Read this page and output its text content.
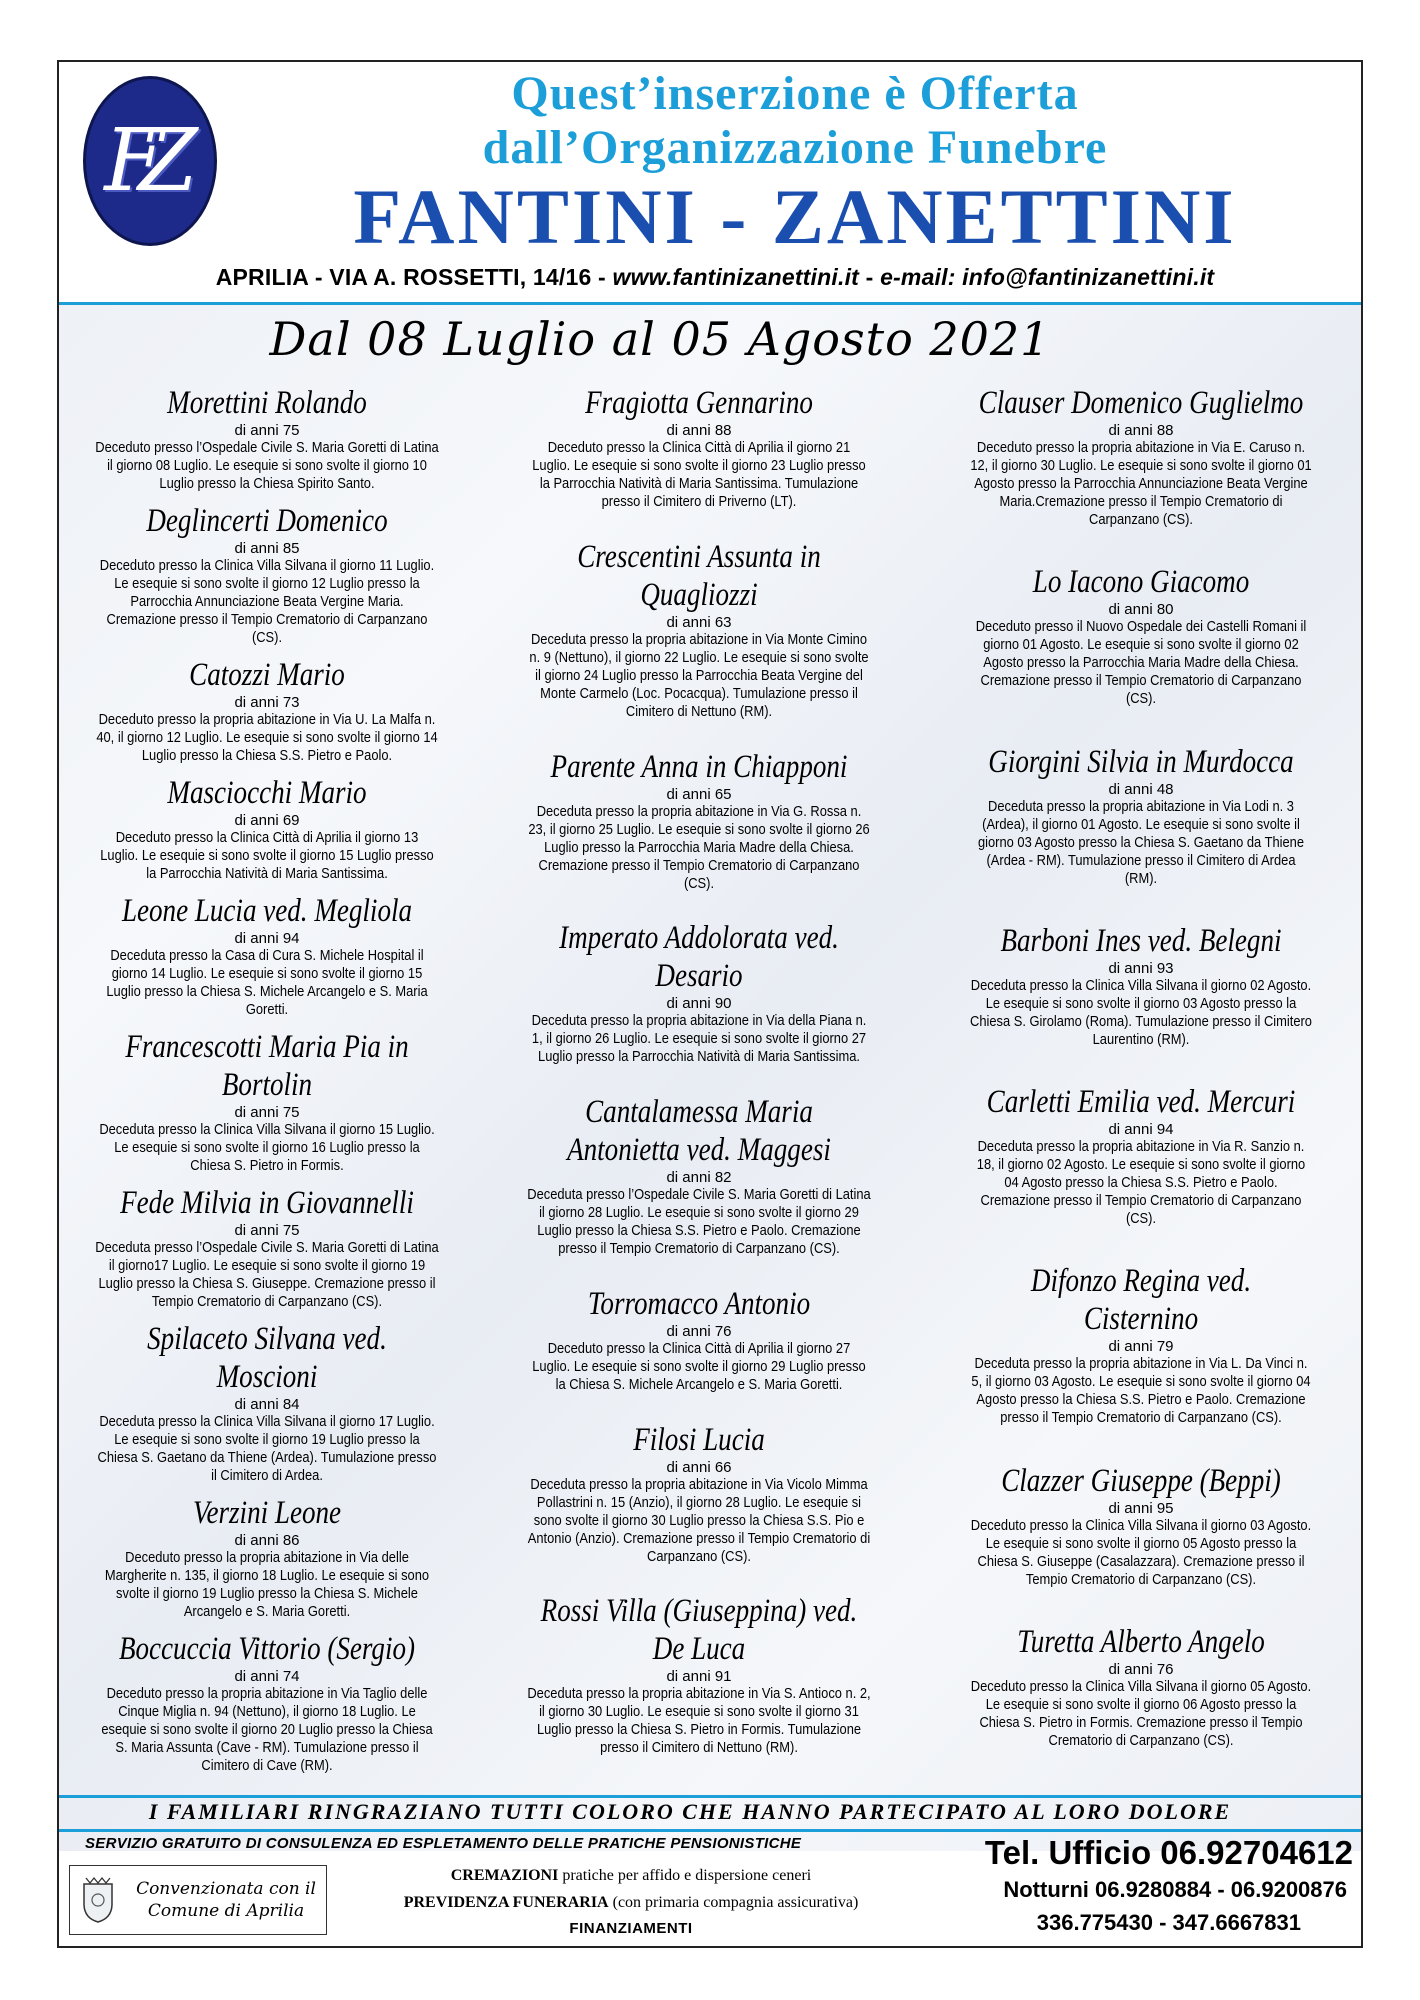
FZ
Quest’inserzione è Offerta
dall’Organizzazione Funebre
FANTINI - ZANETTINI
APRILIA - VIA A. ROSSETTI, 14/16 - www.fantinizanettini.it - e-mail: info@fantinizanettini.it
Dal 08 Luglio al 05 Agosto 2021
Morettini Rolando
di anni 75
Deceduto presso l’Ospedale Civile S. Maria Goretti di Latina il giorno 08 Luglio. Le esequie si sono svolte il giorno 10 Luglio presso la Chiesa Spirito Santo.
Deglincerti Domenico
di anni 85
Deceduto presso la Clinica Villa Silvana il giorno 11 Luglio. Le esequie si sono svolte il giorno 12 Luglio presso la Parrocchia Annunciazione Beata Vergine Maria. Cremazione presso il Tempio Crematorio di Carpanzano (CS).
Catozzi Mario
di anni 73
Deceduto presso la propria abitazione in Via U. La Malfa n. 40, il giorno 12 Luglio. Le esequie si sono svolte il giorno 14 Luglio presso la Chiesa S.S. Pietro e Paolo.
Masciocchi Mario
di anni 69
Deceduto presso la Clinica Città di Aprilia il giorno 13 Luglio. Le esequie si sono svolte il giorno 15 Luglio presso la Parrocchia Natività di Maria Santissima.
Leone Lucia ved. Megliola
di anni 94
Deceduta presso la Casa di Cura S. Michele Hospital il giorno 14 Luglio. Le esequie si sono svolte il giorno 15 Luglio presso la Chiesa S. Michele Arcangelo e S. Maria Goretti.
Francescotti Maria Pia in Bortolin
di anni 75
Deceduta presso la Clinica Villa Silvana il giorno 15 Luglio. Le esequie si sono svolte il giorno 16 Luglio presso la Chiesa S. Pietro in Formis.
Fede Milvia in Giovannelli
di anni 75
Deceduta presso l’Ospedale Civile S. Maria Goretti di Latina il giorno17 Luglio. Le esequie si sono svolte il giorno 19 Luglio presso la Chiesa S. Giuseppe. Cremazione presso il Tempio Crematorio di Carpanzano (CS).
Spilaceto Silvana ved. Moscioni
di anni 84
Deceduta presso la Clinica Villa Silvana il giorno 17 Luglio. Le esequie si sono svolte il giorno 19 Luglio presso la Chiesa S. Gaetano da Thiene (Ardea). Tumulazione presso il Cimitero di Ardea.
Verzini Leone
di anni 86
Deceduto presso la propria abitazione in Via delle Margherite n. 135, il giorno 18 Luglio. Le esequie si sono svolte il giorno 19 Luglio presso la Chiesa S. Michele Arcangelo e S. Maria Goretti.
Boccuccia Vittorio (Sergio)
di anni 74
Deceduto presso la propria abitazione in Via Taglio delle Cinque Miglia n. 94 (Nettuno), il giorno 18 Luglio. Le esequie si sono svolte il giorno 20 Luglio presso la Chiesa S. Maria Assunta (Cave - RM). Tumulazione presso il Cimitero di Cave (RM).
Fragiotta Gennarino
di anni 88
Deceduto presso la Clinica Città di Aprilia il giorno 21 Luglio. Le esequie si sono svolte il giorno 23 Luglio presso la Parrocchia Natività di Maria Santissima. Tumulazione presso il Cimitero di Priverno (LT).
Crescentini Assunta in Quagliozzi
di anni 63
Deceduta presso la propria abitazione in Via Monte Cimino n. 9 (Nettuno), il giorno 22 Luglio. Le esequie si sono svolte il giorno 24 Luglio presso la Parrocchia Beata Vergine del Monte Carmelo (Loc. Pocacqua). Tumulazione presso il Cimitero di Nettuno (RM).
Parente Anna in Chiapponi
di anni 65
Deceduta presso la propria abitazione in Via G. Rossa n. 23, il giorno 25 Luglio. Le esequie si sono svolte il giorno 26 Luglio presso la Parrocchia Maria Madre della Chiesa. Cremazione presso il Tempio Crematorio di Carpanzano (CS).
Imperato Addolorata ved. Desario
di anni 90
Deceduta presso la propria abitazione in Via della Piana n. 1, il giorno 26 Luglio. Le esequie si sono svolte il giorno 27 Luglio presso la Parrocchia Natività di Maria Santissima.
Cantalamessa Maria Antonietta ved. Maggesi
di anni 82
Deceduta presso l’Ospedale Civile S. Maria Goretti di Latina il giorno 28 Luglio. Le esequie si sono svolte il giorno 29 Luglio presso la Chiesa S.S. Pietro e Paolo. Cremazione presso il Tempio Crematorio di Carpanzano (CS).
Torromacco Antonio
di anni 76
Deceduto presso la Clinica Città di Aprilia il giorno 27 Luglio. Le esequie si sono svolte il giorno 29 Luglio presso la Chiesa S. Michele Arcangelo e S. Maria Goretti.
Filosi Lucia
di anni 66
Deceduta presso la propria abitazione in Via Vicolo Mimma Pollastrini n. 15 (Anzio), il giorno 28 Luglio. Le esequie si sono svolte il giorno 30 Luglio presso la Chiesa S.S. Pio e Antonio (Anzio). Cremazione presso il Tempio Crematorio di Carpanzano (CS).
Rossi Villa (Giuseppina) ved. De Luca
di anni 91
Deceduta presso la propria abitazione in Via S. Antioco n. 2, il giorno 30 Luglio. Le esequie si sono svolte il giorno 31 Luglio presso la Chiesa S. Pietro in Formis. Tumulazione presso il Cimitero di Nettuno (RM).
Clauser Domenico Guglielmo
di anni 88
Deceduto presso la propria abitazione in Via E. Caruso n. 12, il giorno 30 Luglio. Le esequie si sono svolte il giorno 01 Agosto presso la Parrocchia Annunciazione Beata Vergine Maria.Cremazione presso il Tempio Crematorio di Carpanzano (CS).
Lo Iacono Giacomo
di anni 80
Deceduto presso il Nuovo Ospedale dei Castelli Romani il giorno 01 Agosto. Le esequie si sono svolte il giorno 02 Agosto presso la Parrocchia Maria Madre della Chiesa. Cremazione presso il Tempio Crematorio di Carpanzano (CS).
Giorgini Silvia in Murdocca
di anni 48
Deceduta presso la propria abitazione in Via Lodi n. 3 (Ardea), il giorno 01 Agosto. Le esequie si sono svolte il giorno 03 Agosto presso la Chiesa S. Gaetano da Thiene (Ardea - RM). Tumulazione presso il Cimitero di Ardea (RM).
Barboni Ines ved. Belegni
di anni 93
Deceduta presso la Clinica Villa Silvana il giorno 02 Agosto. Le esequie si sono svolte il giorno 03 Agosto presso la Chiesa S. Girolamo (Roma). Tumulazione presso il Cimitero Laurentino (RM).
Carletti Emilia ved. Mercuri
di anni 94
Deceduta presso la propria abitazione in Via R. Sanzio n. 18, il giorno 02 Agosto. Le esequie si sono svolte il giorno 04 Agosto presso la Chiesa S.S. Pietro e Paolo. Cremazione presso il Tempio Crematorio di Carpanzano (CS).
Difonzo Regina ved. Cisternino
di anni 79
Deceduta presso la propria abitazione in Via L. Da Vinci n. 5, il giorno 03 Agosto. Le esequie si sono svolte il giorno 04 Agosto presso la Chiesa S.S. Pietro e Paolo. Cremazione presso il Tempio Crematorio di Carpanzano (CS).
Clazzer Giuseppe (Beppi)
di anni 95
Deceduto presso la Clinica Villa Silvana il giorno 03 Agosto. Le esequie si sono svolte il giorno 05 Agosto presso la Chiesa S. Giuseppe (Casalazzara). Cremazione presso il Tempio Crematorio di Carpanzano (CS).
Turetta Alberto Angelo
di anni 76
Deceduto presso la Clinica Villa Silvana il giorno 05 Agosto. Le esequie si sono svolte il giorno 06 Agosto presso la Chiesa S. Pietro in Formis. Cremazione presso il Tempio Crematorio di Carpanzano (CS).
I FAMILIARI RINGRAZIANO TUTTI COLORO CHE HANNO PARTECIPATO AL LORO DOLORE
SERVIZIO GRATUITO DI CONSULENZA ED ESPLETAMENTO DELLE PRATICHE PENSIONISTICHE
Convenzionata con il
Comune di Aprilia
CREMAZIONI pratiche per affido e dispersione ceneri
PREVIDENZA FUNERARIA (con primaria compagnia assicurativa)
FINANZIAMENTI
Tel. Ufficio 06.92704612
Notturni 06.9280884 - 06.9200876
336.775430 - 347.6667831
